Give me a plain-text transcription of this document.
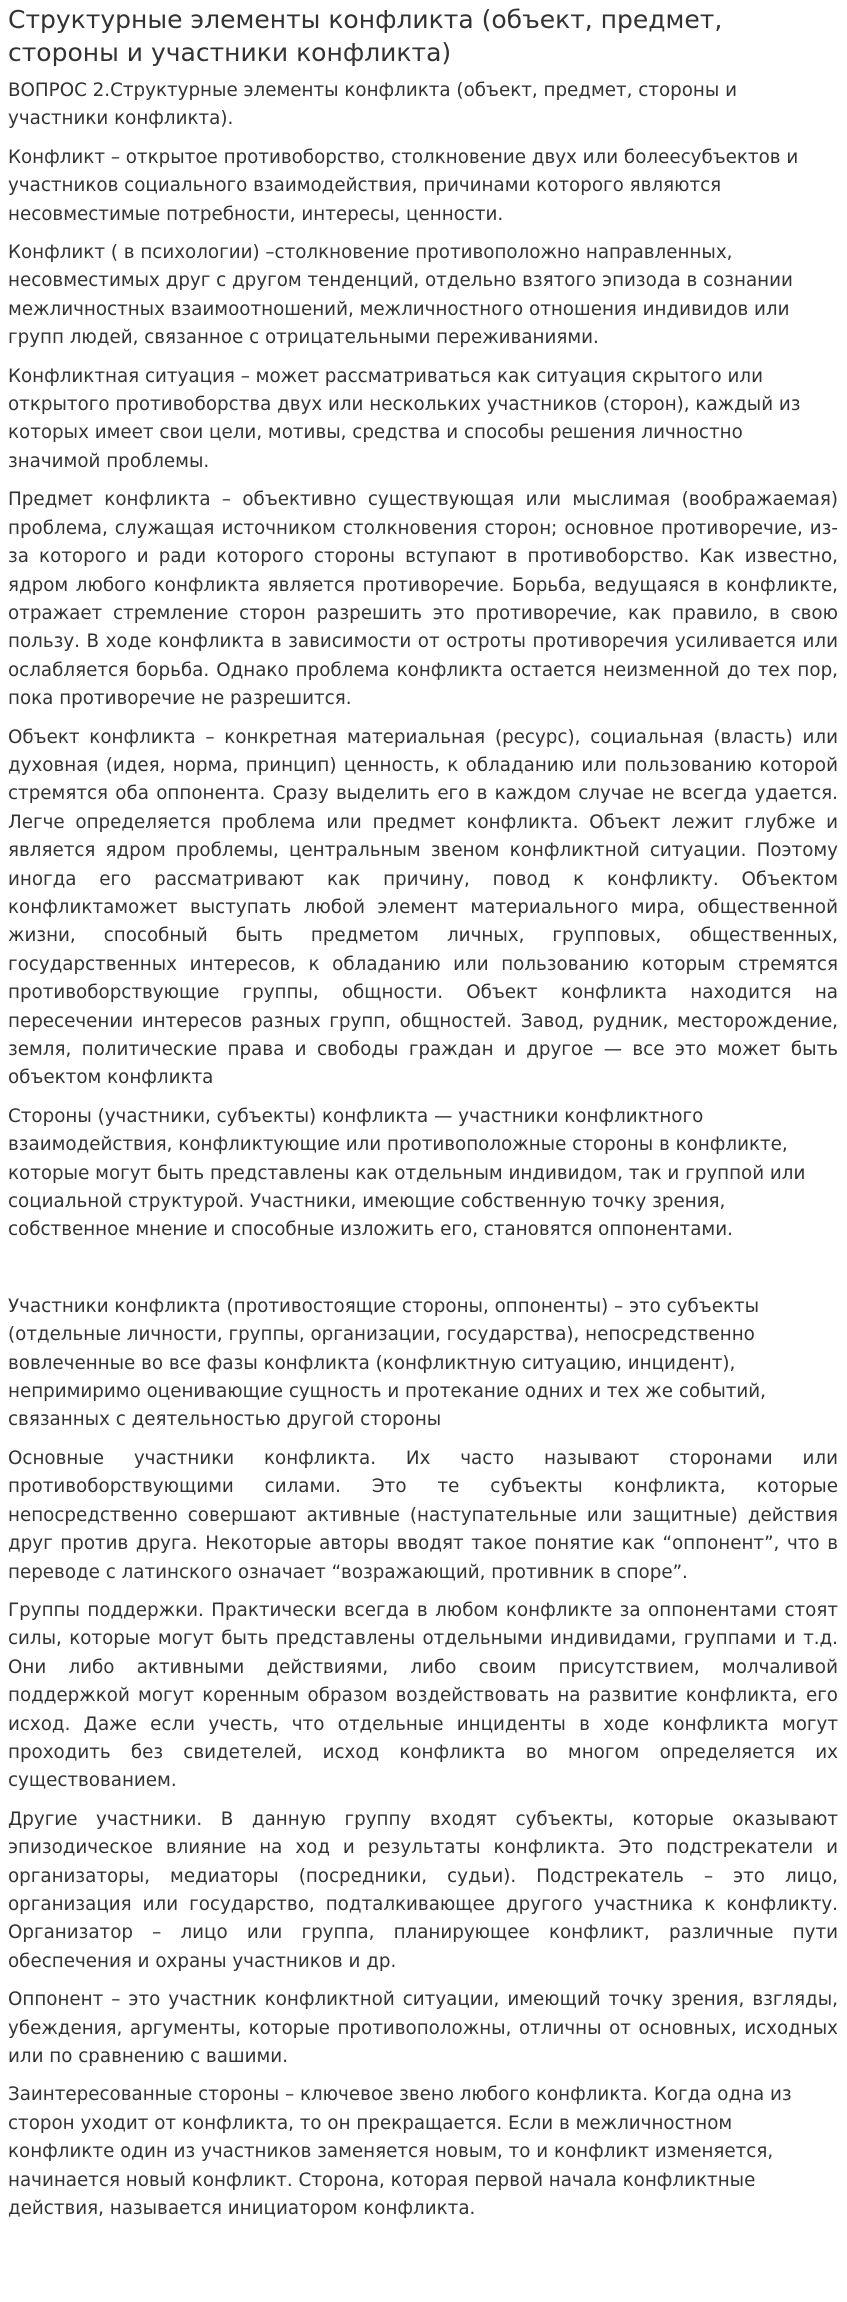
Структурные элементы конфликта (объект, предмет, стороны и участники конфликта)

ВОПРОС 2.Структурные элементы конфликта (объект, предмет, стороны и участники конфликта).

Конфликт – открытое противоборство, столкновение двух или болеесубъектов и участников социального взаимодействия, причинами которого являются несовместимые потребности, интересы, ценности.

Конфликт ( в психологии) –столкновение противоположно направленных, несовместимых друг с другом тенденций, отдельно взятого эпизода в сознании межличностных взаимоотношений, межличностного отношения индивидов или групп людей, связанное с отрицательными переживаниями.

Конфликтная ситуация – может рассматриваться как ситуация скрытого или открытого противоборства двух или нескольких участников (сторон), каждый из которых имеет свои цели, мотивы, средства и способы решения личностно значимой проблемы.

Предмет конфликта – объективно существующая или мыслимая (воображаемая) проблема, служащая источником столкновения сторон; основное противоречие, из-за которого и ради которого стороны вступают в противоборство. Как известно, ядром любого конфликта является противоречие. Борьба, ведущаяся в конфликте, отражает стремление сторон разрешить это противоречие, как правило, в свою пользу. В ходе конфликта в зависимости от остроты противоречия усиливается или ослабляется борьба. Однако проблема конфликта остается неизменной до тех пор, пока противоречие не разрешится.

Объект конфликта – конкретная материальная (ресурс), социальная (власть) или духовная (идея, норма, принцип) ценность, к обладанию или пользованию которой стремятся оба оппонента. Сразу выделить его в каждом случае не всегда удается. Легче определяется проблема или предмет конфликта. Объект лежит глубже и является ядром проблемы, центральным звеном конфликтной ситуации. Поэтому иногда его рассматривают как причину, повод к конфликту. Объектом конфликтаможет выступать любой элемент материального мира, общественной жизни, способный быть предметом личных, групповых, общественных, государственных интересов, к обладанию или пользованию которым стремятся противоборствующие группы, общности. Объект конфликта находится на пересечении интересов разных групп, общностей. Завод, рудник, месторождение, земля, политические права и свободы граждан и другое — все это может быть объектом конфликта

Стороны (участники, субъекты) конфликта — участники конфликтного взаимодействия, конфликтующие или противоположные стороны в конфликте, которые могут быть представлены как отдельным индивидом, так и группой или социальной структурой. Участники, имеющие собственную точку зрения, собственное мнение и способные изложить его, становятся оппонентами.

Участники конфликта (противостоящие стороны, оппоненты) – это субъекты (отдельные личности, группы, организации, государства), непосредственно вовлеченные во все фазы конфликта (конфликтную ситуацию, инцидент), непримиримо оценивающие сущность и протекание одних и тех же событий, связанных с деятельностью другой стороны

Основные участники конфликта. Их часто называют сторонами или противоборствующими силами. Это те субъекты конфликта, которые непосредственно совершают активные (наступательные или защитные) действия друг против друга. Некоторые авторы вводят такое понятие как “оппонент”, что в переводе с латинского означает “возражающий, противник в споре”.

Группы поддержки. Практически всегда в любом конфликте за оппонентами стоят силы, которые могут быть представлены отдельными индивидами, группами и т.д. Они либо активными действиями, либо своим присутствием, молчаливой поддержкой могут коренным образом воздействовать на развитие конфликта, его исход. Даже если учесть, что отдельные инциденты в ходе конфликта могут проходить без свидетелей, исход конфликта во многом определяется их существованием.

Другие участники. В данную группу входят субъекты, которые оказывают эпизодическое влияние на ход и результаты конфликта. Это подстрекатели и организаторы, медиаторы (посредники, судьи). Подстрекатель – это лицо, организация или государство, подталкивающее другого участника к конфликту. Организатор – лицо или группа, планирующее конфликт, различные пути обеспечения и охраны участников и др.

Оппонент – это участник конфликтной ситуации, имеющий точку зрения, взгляды, убеждения, аргументы, которые противоположны, отличны от основных, исходных или по сравнению с вашими.

Заинтересованные стороны – ключевое звено любого конфликта. Когда одна из сторон уходит от конфликта, то он прекращается. Если в межличностном конфликте один из участников заменяется новым, то и конфликт изменяется, начинается новый конфликт. Сторона, которая первой начала конфликтные действия, называется инициатором конфликта.
